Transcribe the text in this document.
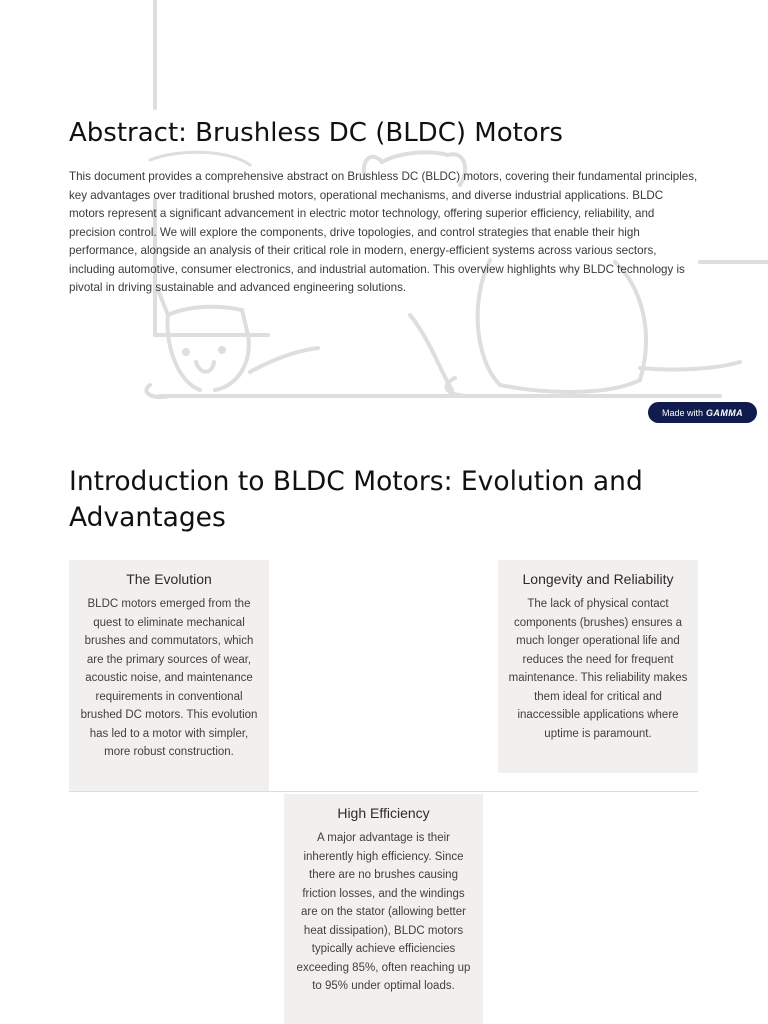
Abstract: Brushless DC (BLDC) Motors

This document provides a comprehensive abstract on Brushless DC (BLDC) motors, covering their fundamental principles, key advantages over traditional brushed motors, operational mechanisms, and diverse industrial applications. BLDC motors represent a significant advancement in electric motor technology, offering superior efficiency, reliability, and precision control. We will explore the components, drive topologies, and control strategies that enable their high performance, alongside an analysis of their critical role in modern, energy-efficient systems across various sectors, including automotive, consumer electronics, and industrial automation. This overview highlights why BLDC technology is pivotal in driving sustainable and advanced engineering solutions.

Made with GAMMA
Introduction to BLDC Motors: Evolution and Advantages
The Evolution

BLDC motors emerged from the quest to eliminate mechanical brushes and commutators, which are the primary sources of wear, acoustic noise, and maintenance requirements in conventional brushed DC motors. This evolution has led to a motor with simpler, more robust construction.

Longevity and Reliability

The lack of physical contact components (brushes) ensures a much longer operational life and reduces the need for frequent maintenance. This reliability makes them ideal for critical and inaccessible applications where uptime is paramount.

High Efficiency

A major advantage is their inherently high efficiency. Since there are no brushes causing friction losses, and the windings are on the stator (allowing better heat dissipation), BLDC motors typically achieve efficiencies exceeding 85%, often reaching up to 95% under optimal loads.
